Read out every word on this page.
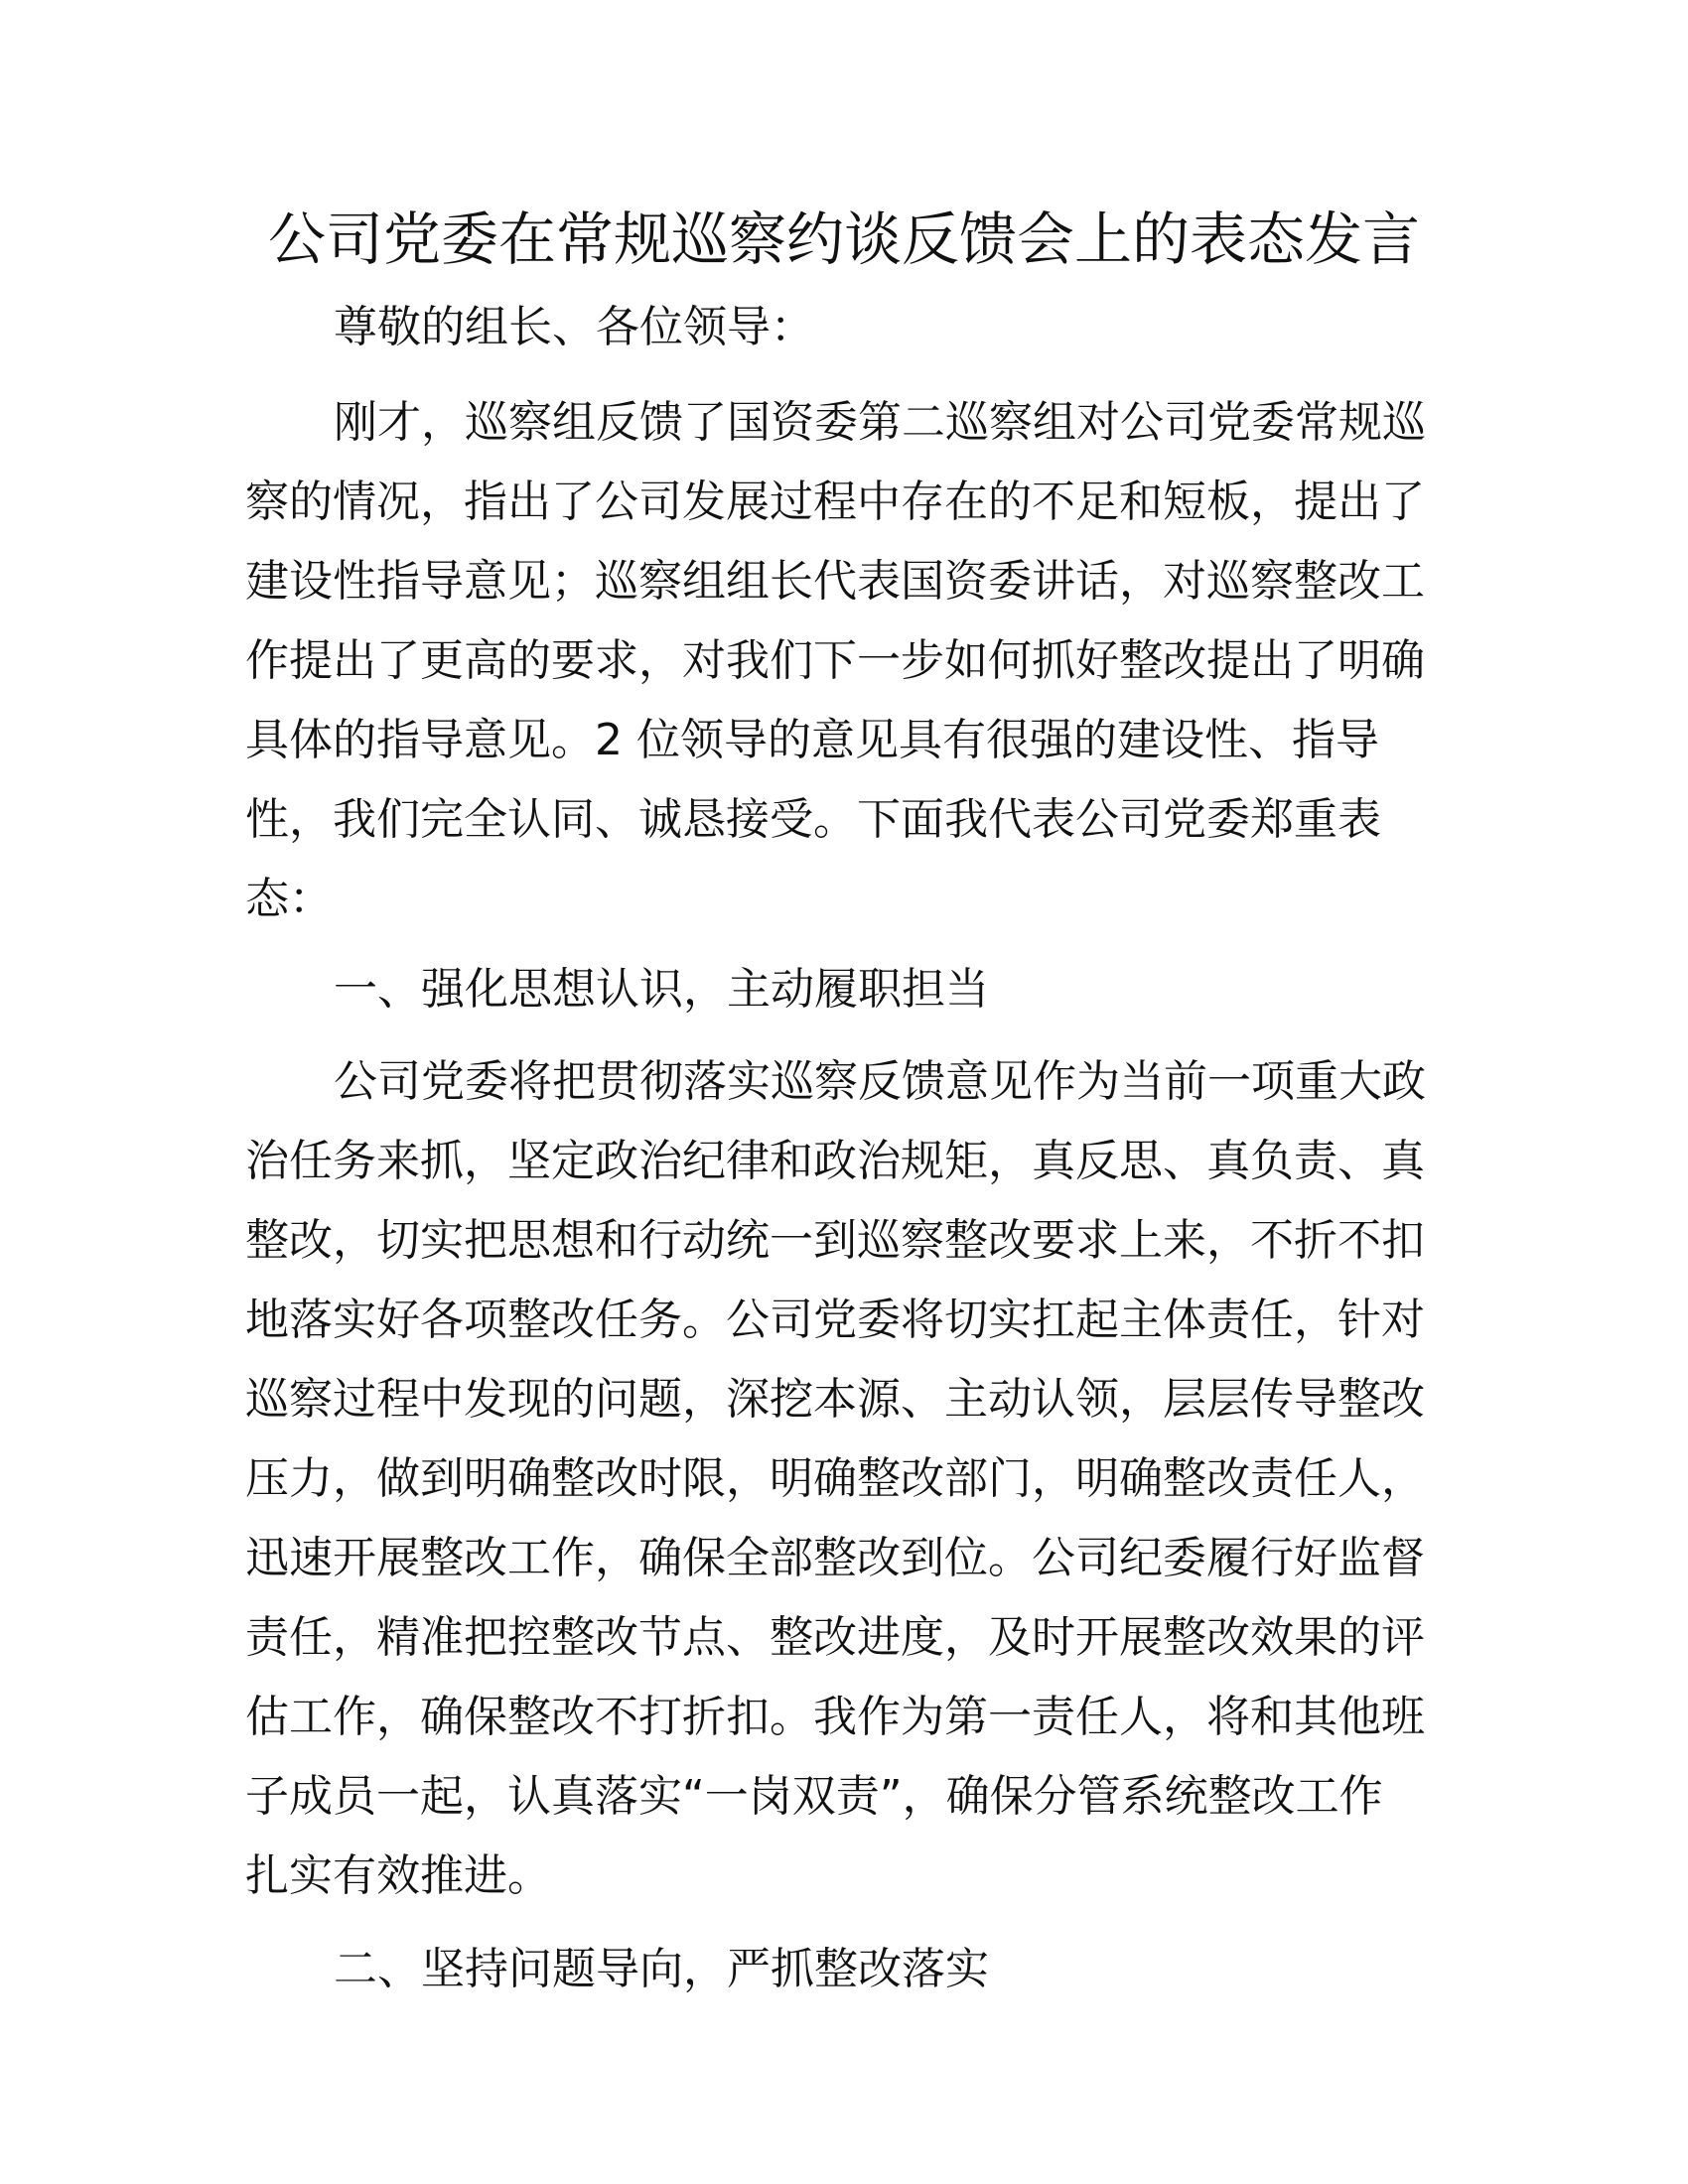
公司党委在常规巡察约谈反馈会上的表态发言

尊敬的组长、各位领导：

刚才，巡察组反馈了国资委第二巡察组对公司党委常规巡

察的情况，指出了公司发展过程中存在的不足和短板，提出了

建设性指导意见；巡察组组长代表国资委讲话，对巡察整改工

作提出了更高的要求，对我们下一步如何抓好整改提出了明确

具体的指导意见。2 位领导的意见具有很强的建设性、指导

性，我们完全认同、诚恳接受。下面我代表公司党委郑重表

态：

一、强化思想认识，主动履职担当

公司党委将把贯彻落实巡察反馈意见作为当前一项重大政

治任务来抓，坚定政治纪律和政治规矩，真反思、真负责、真

整改，切实把思想和行动统一到巡察整改要求上来，不折不扣

地落实好各项整改任务。公司党委将切实扛起主体责任，针对

巡察过程中发现的问题，深挖本源、主动认领，层层传导整改

压力，做到明确整改时限，明确整改部门，明确整改责任人，

迅速开展整改工作，确保全部整改到位。公司纪委履行好监督

责任，精准把控整改节点、整改进度，及时开展整改效果的评

估工作，确保整改不打折扣。我作为第一责任人，将和其他班

子成员一起，认真落实“一岗双责”，确保分管系统整改工作

扎实有效推进。

二、坚持问题导向，严抓整改落实
